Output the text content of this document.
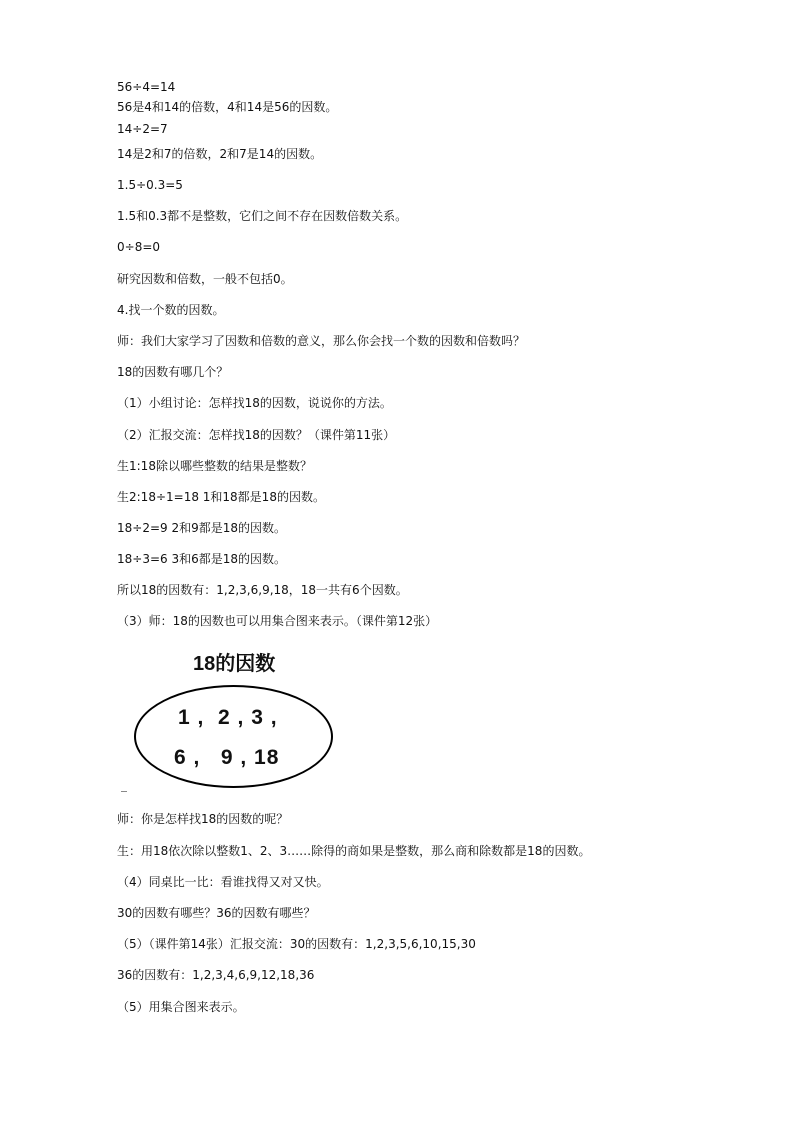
56÷4=14
56是4和14的倍数，4和14是56的因数。
14÷2=7
14是2和7的倍数，2和7是14的因数。
1.5÷0.3=5
1.5和0.3都不是整数，它们之间不存在因数倍数关系。
0÷8=0
研究因数和倍数，一般不包括0。
4.找一个数的因数。
师：我们大家学习了因数和倍数的意义，那么你会找一个数的因数和倍数吗？
18的因数有哪几个？
（1）小组讨论：怎样找18的因数，说说你的方法。
（2）汇报交流：怎样找18的因数？（课件第11张）
生1:18除以哪些整数的结果是整数？
生2:18÷1=18 1和18都是18的因数。
18÷2=9 2和9都是18的因数。
18÷3=6 3和6都是18的因数。
所以18的因数有：1,2,3,6,9,18，18一共有6个因数。
（3）师：18的因数也可以用集合图来表示。（课件第12张）
18的因数
1 ,  2 , 3 ,
6 ,   9 , 18
师：你是怎样找18的因数的呢？
生：用18依次除以整数1、2、3……除得的商如果是整数，那么商和除数都是18的因数。
（4）同桌比一比：看谁找得又对又快。
30的因数有哪些？36的因数有哪些？
（5）（课件第14张）汇报交流：30的因数有：1,2,3,5,6,10,15,30
36的因数有：1,2,3,4,6,9,12,18,36
（5）用集合图来表示。
